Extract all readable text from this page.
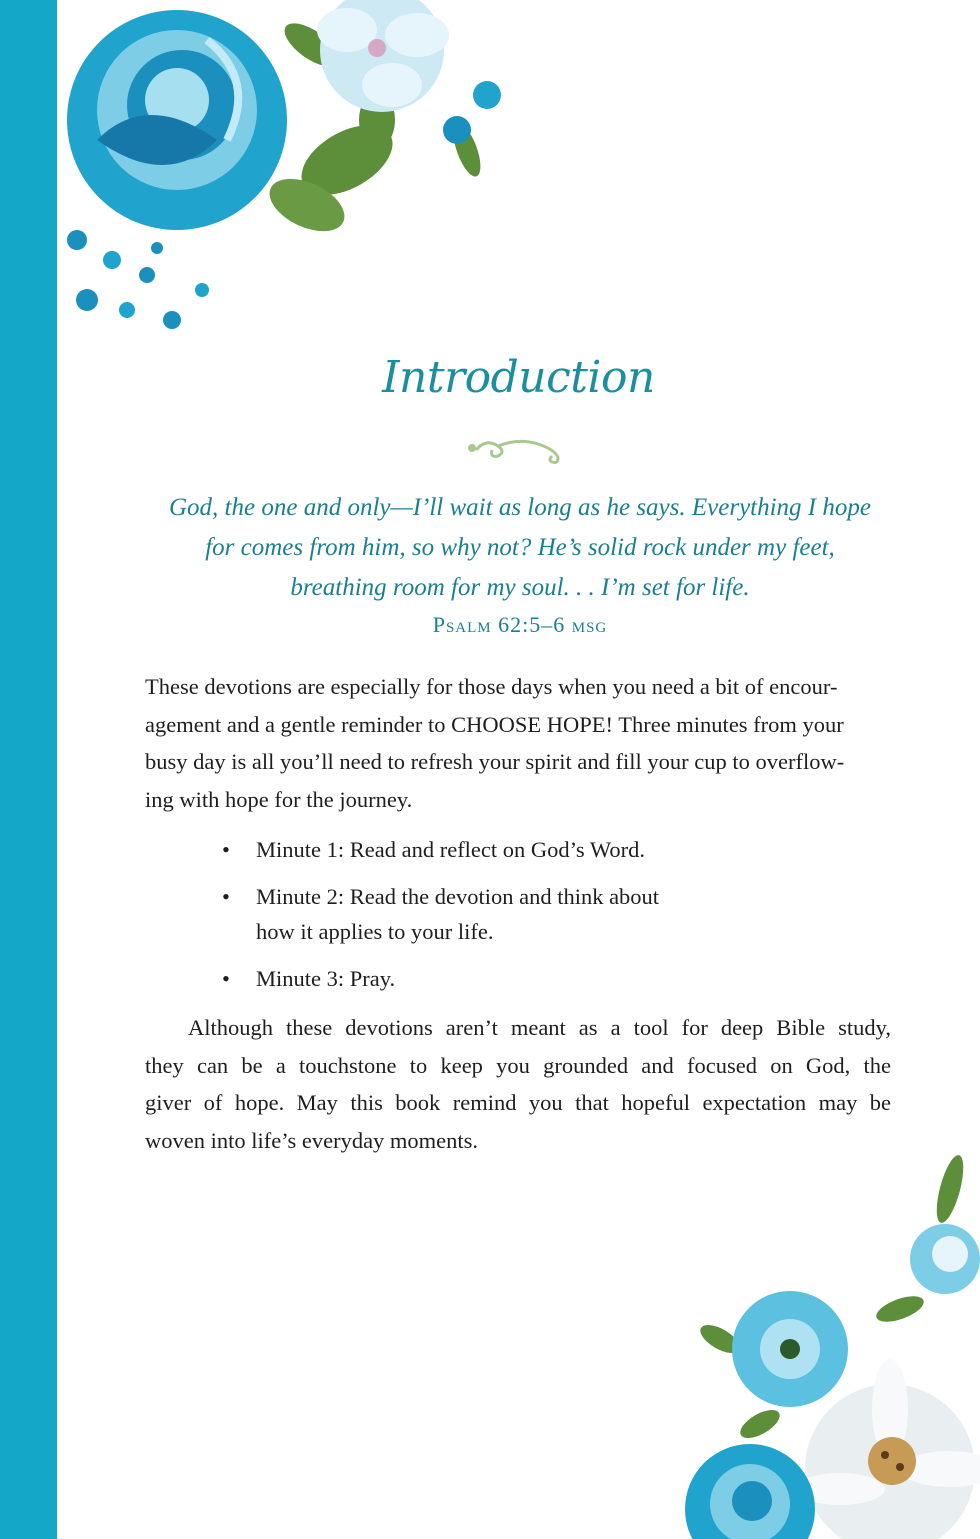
Introduction
God, the one and only—I’ll wait as long as he says. Everything I hope
for comes from him, so why not? He’s solid rock under my feet,
breathing room for my soul. . . I’m set for life.
Psalm 62:5–6 msg
These devotions are especially for those days when you need a bit of encour-
agement and a gentle reminder to CHOOSE HOPE! Three minutes from your
busy day is all you’ll need to refresh your spirit and fill your cup to overflow-
ing with hope for the journey.
• Minute 1: Read and reflect on God’s Word.
• Minute 2: Read the devotion and think about
how it applies to your life.
• Minute 3: Pray.
Although these devotions aren’t meant as a tool for deep Bible study,
they can be a touchstone to keep you grounded and focused on God, the
giver of hope. May this book remind you that hopeful expectation may be
woven into life’s everyday moments.
